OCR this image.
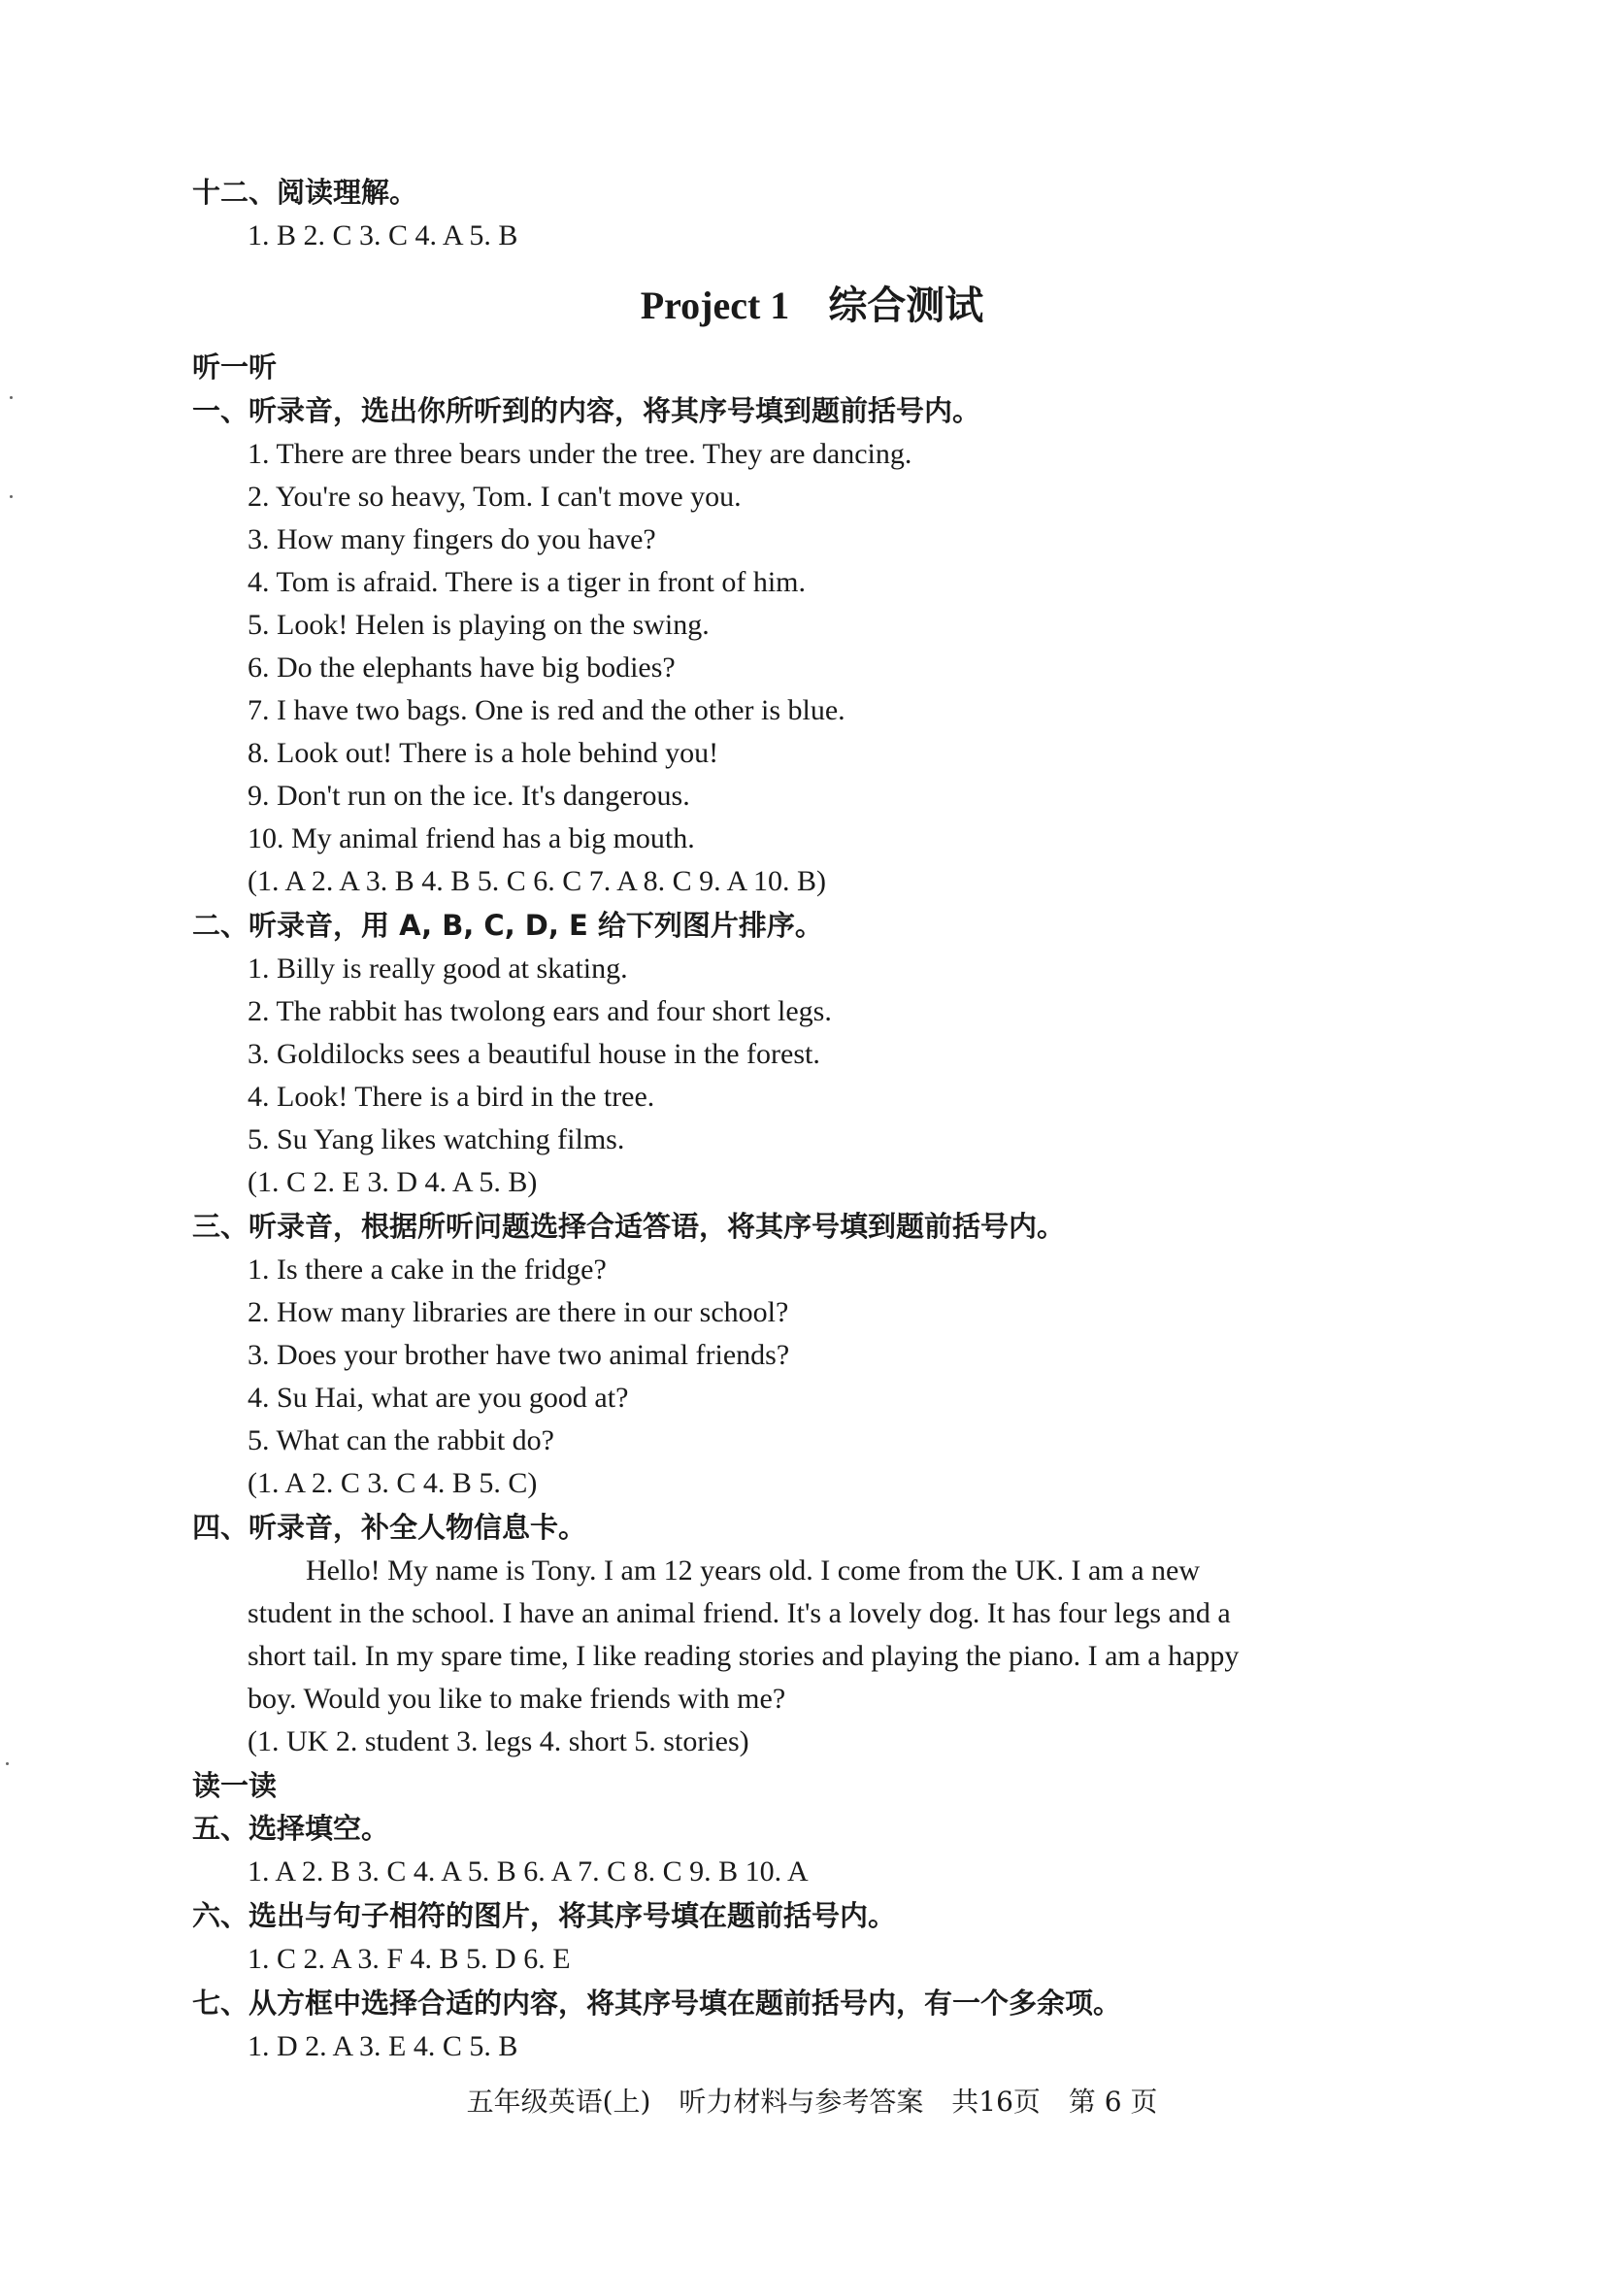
十二、阅读理解。
1. B 2. C 3. C 4. A 5. B
Project 1 综合测试
听一听
一、听录音，选出你所听到的内容，将其序号填到题前括号内。
1. There are three bears under the tree. They are dancing.
2. You're so heavy, Tom. I can't move you.
3. How many fingers do you have?
4. Tom is afraid. There is a tiger in front of him.
5. Look! Helen is playing on the swing.
6. Do the elephants have big bodies?
7. I have two bags. One is red and the other is blue.
8. Look out! There is a hole behind you!
9. Don't run on the ice. It's dangerous.
10. My animal friend has a big mouth.
(1. A 2. A 3. B 4. B 5. C 6. C 7. A 8. C 9. A 10. B)
二、听录音，用 A, B, C, D, E 给下列图片排序。
1. Billy is really good at skating.
2. The rabbit has twolong ears and four short legs.
3. Goldilocks sees a beautiful house in the forest.
4. Look! There is a bird in the tree.
5. Su Yang likes watching films.
(1. C 2. E 3. D 4. A 5. B)
三、听录音，根据所听问题选择合适答语，将其序号填到题前括号内。
1. Is there a cake in the fridge?
2. How many libraries are there in our school?
3. Does your brother have two animal friends?
4. Su Hai, what are you good at?
5. What can the rabbit do?
(1. A 2. C 3. C 4. B 5. C)
四、听录音，补全人物信息卡。
Hello! My name is Tony. I am 12 years old. I come from the UK. I am a new
student in the school. I have an animal friend. It's a lovely dog. It has four legs and a
short tail. In my spare time, I like reading stories and playing the piano. I am a happy
boy. Would you like to make friends with me?
(1. UK 2. student 3. legs 4. short 5. stories)
读一读
五、选择填空。
1. A 2. B 3. C 4. A 5. B 6. A 7. C 8. C 9. B 10. A
六、选出与句子相符的图片，将其序号填在题前括号内。
1. C 2. A 3. F 4. B 5. D 6. E
七、从方框中选择合适的内容，将其序号填在题前括号内，有一个多余项。
1. D 2. A 3. E 4. C 5. B
五年级英语(上) 听力材料与参考答案 共16页 第 6 页
